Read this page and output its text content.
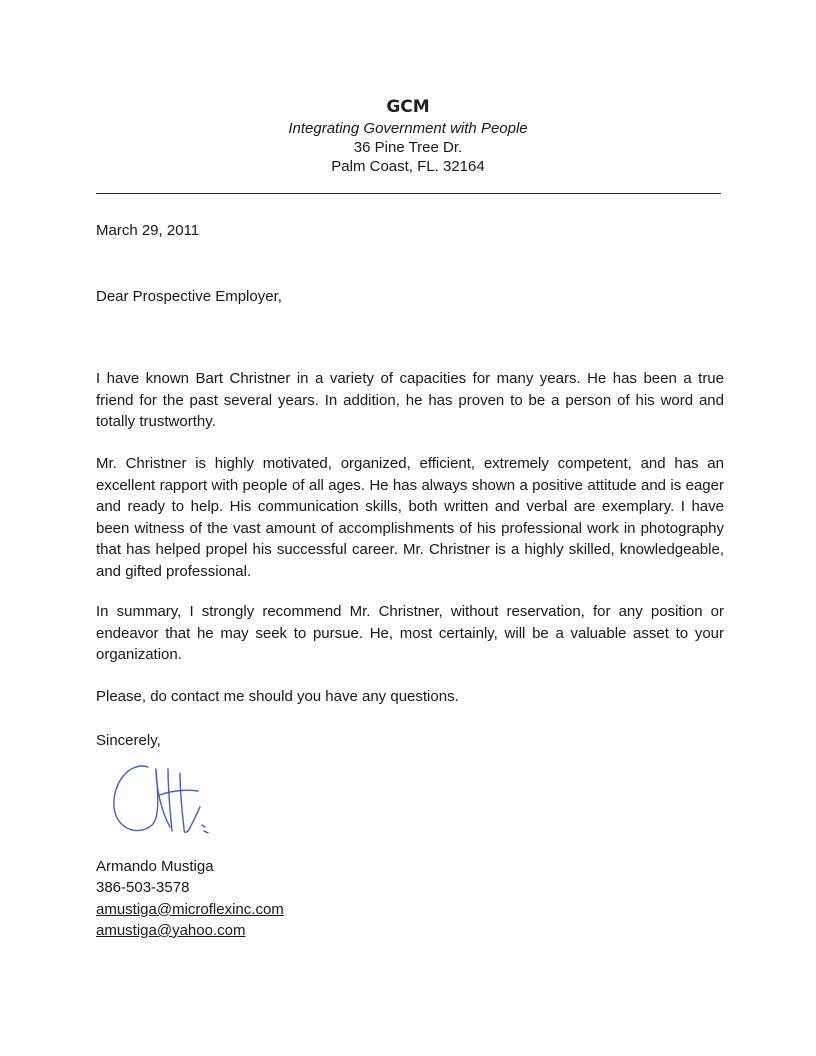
GCM
Integrating Government with People
36 Pine Tree Dr.
Palm Coast, FL. 32164
March 29, 2011
Dear Prospective Employer,
I have known Bart Christner in a variety of capacities for many years. He has been a true friend for the past several years. In addition, he has proven to be a person of his word and totally trustworthy.
Mr. Christner is highly motivated, organized, efficient, extremely competent, and has an excellent rapport with people of all ages. He has always shown a positive attitude and is eager and ready to help. His communication skills, both written and verbal are exemplary. I have been witness of the vast amount of accomplishments of his professional work in photography that has helped propel his successful career. Mr. Christner is a highly skilled, knowledgeable, and gifted professional.
In summary, I strongly recommend Mr. Christner, without reservation, for any position or endeavor that he may seek to pursue. He, most certainly, will be a valuable asset to your organization.
Please, do contact me should you have any questions.
Sincerely,
Armando Mustiga
386-503-3578
amustiga@microflexinc.com
amustiga@yahoo.com
